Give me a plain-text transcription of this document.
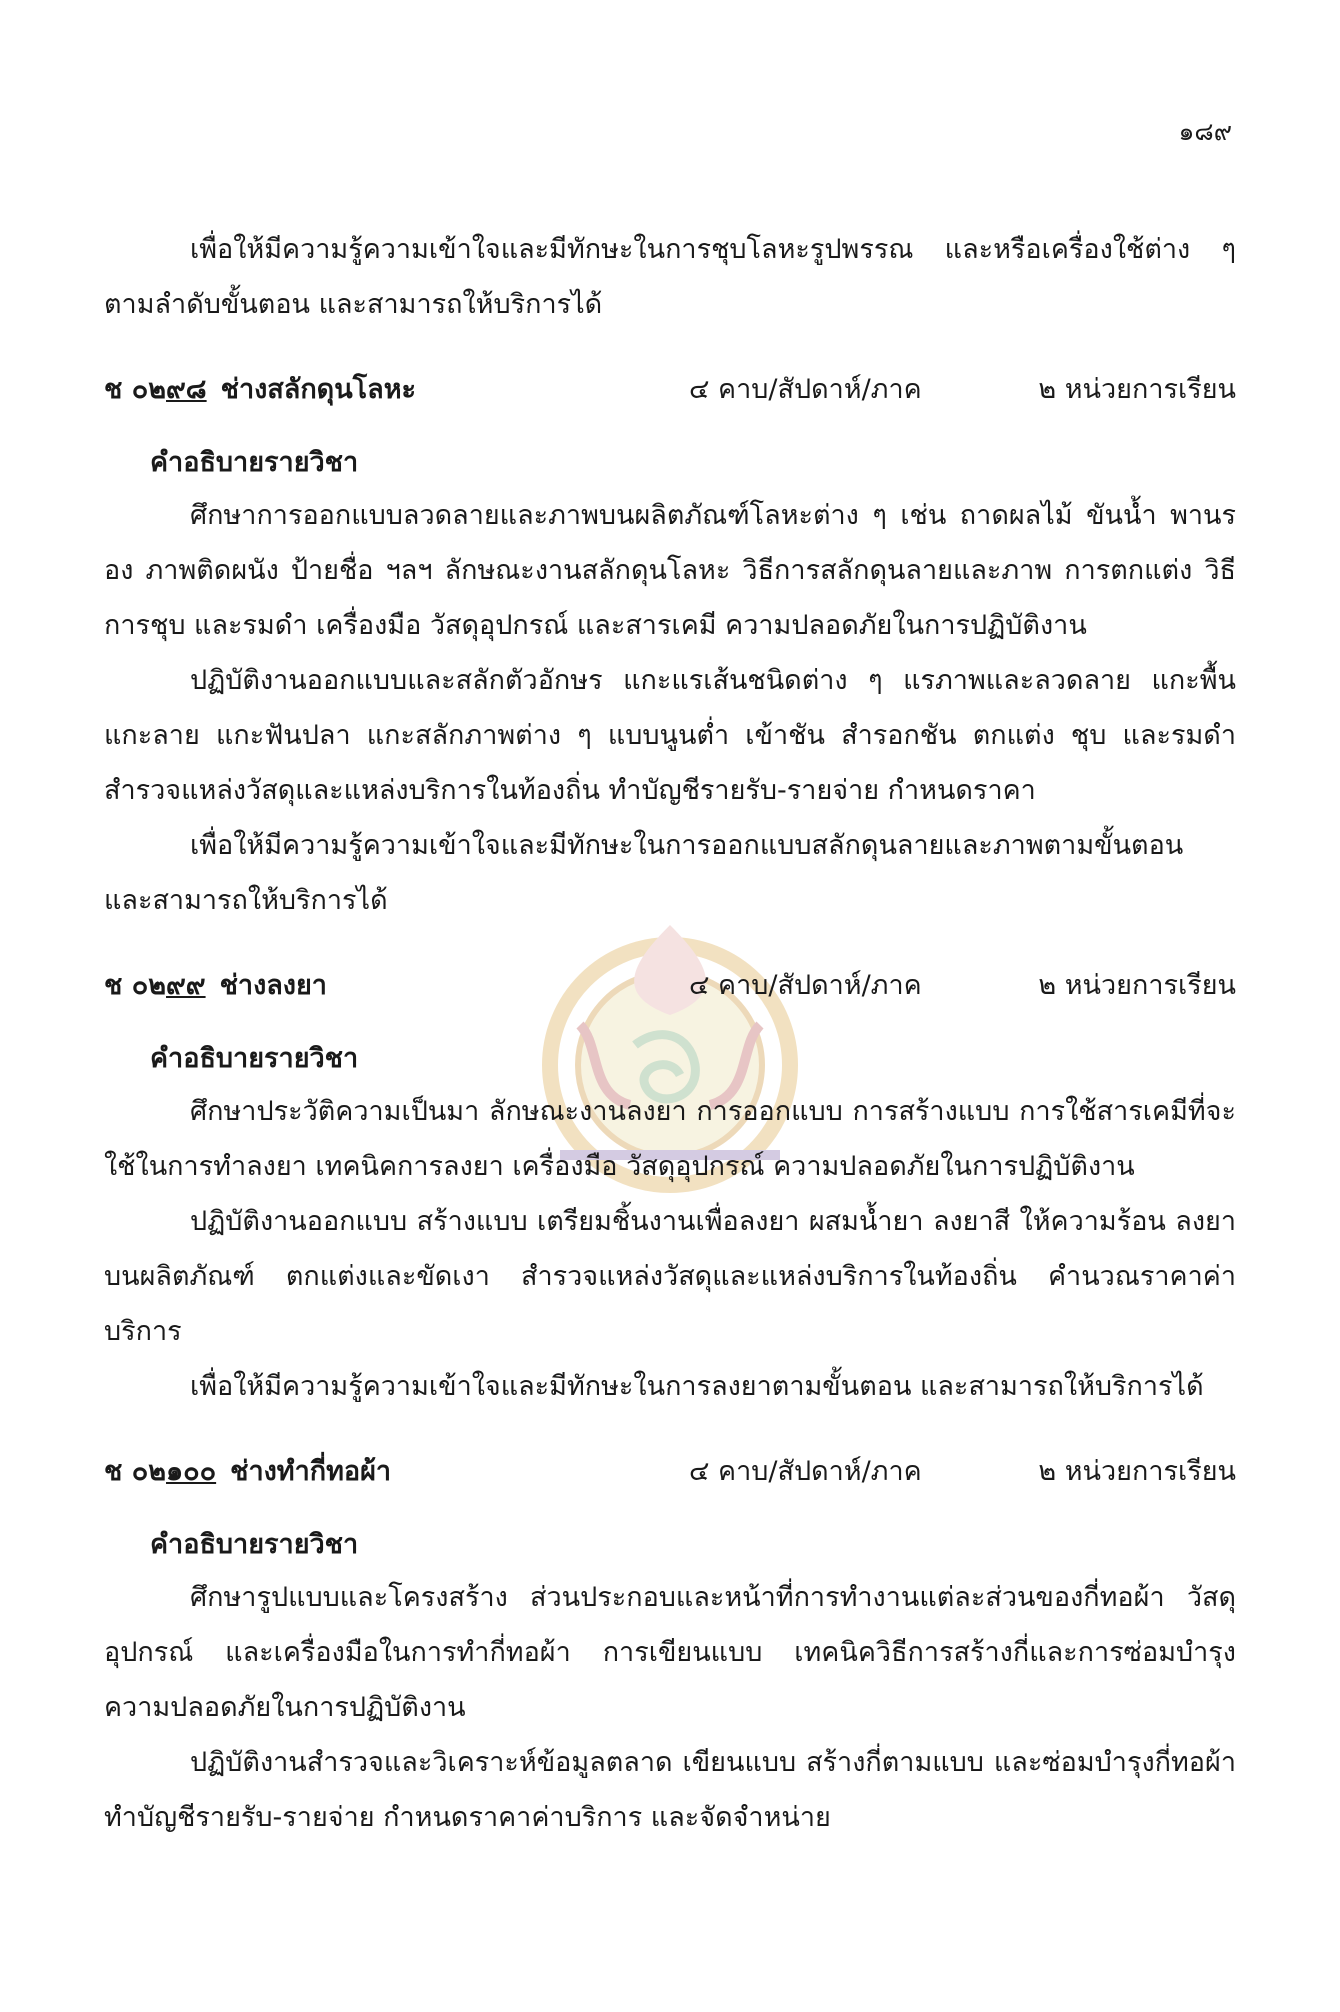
๑๘๙

เพื่อให้มีความรู้ความเข้าใจและมีทักษะในการชุบโลหะรูปพรรณ และหรือเครื่องใช้ต่าง ๆ ตามลำดับขั้นตอน และสามารถให้บริการได้

ช ๐๒๙๘ ช่างสลักดุนโลหะ	๔ คาบ/สัปดาห์/ภาค	๒ หน่วยการเรียน
คำอธิบายรายวิชา

ศึกษาการออกแบบลวดลายและภาพบนผลิตภัณฑ์โลหะต่าง ๆ เช่น ถาดผลไม้ ขันน้ำ พานรอง ภาพติดผนัง ป้ายชื่อ ฯลฯ ลักษณะงานสลักดุนโลหะ วิธีการสลักดุนลายและภาพ การตกแต่ง วิธีการชุบ และรมดำ เครื่องมือ วัสดุอุปกรณ์ และสารเคมี ความปลอดภัยในการปฏิบัติงาน

ปฏิบัติงานออกแบบและสลักตัวอักษร แกะแรเส้นชนิดต่าง ๆ แรภาพและลวดลาย แกะพื้น แกะลาย แกะฟันปลา แกะสลักภาพต่าง ๆ แบบนูนต่ำ เข้าชัน สำรอกชัน ตกแต่ง ชุบ และรมดำ สำรวจแหล่งวัสดุและแหล่งบริการในท้องถิ่น ทำบัญชีรายรับ-รายจ่าย กำหนดราคา

เพื่อให้มีความรู้ความเข้าใจและมีทักษะในการออกแบบสลักดุนลายและภาพตามขั้นตอน และสามารถให้บริการได้

ช ๐๒๙๙ ช่างลงยา	๔ คาบ/สัปดาห์/ภาค	๒ หน่วยการเรียน
คำอธิบายรายวิชา

ศึกษาประวัติความเป็นมา ลักษณะงานลงยา การออกแบบ การสร้างแบบ การใช้สารเคมีที่จะใช้ในการทำลงยา เทคนิคการลงยา เครื่องมือ วัสดุอุปกรณ์ ความปลอดภัยในการปฏิบัติงาน

ปฏิบัติงานออกแบบ สร้างแบบ เตรียมชิ้นงานเพื่อลงยา ผสมน้ำยา ลงยาสี ให้ความร้อน ลงยาบนผลิตภัณฑ์ ตกแต่งและขัดเงา สำรวจแหล่งวัสดุและแหล่งบริการในท้องถิ่น คำนวณราคาค่าบริการ

เพื่อให้มีความรู้ความเข้าใจและมีทักษะในการลงยาตามขั้นตอน และสามารถให้บริการได้

ช ๐๒๑๐๐ ช่างทำกี่ทอผ้า	๔ คาบ/สัปดาห์/ภาค	๒ หน่วยการเรียน
คำอธิบายรายวิชา

ศึกษารูปแบบและโครงสร้าง ส่วนประกอบและหน้าที่การทำงานแต่ละส่วนของกี่ทอผ้า วัสดุอุปกรณ์ และเครื่องมือในการทำกี่ทอผ้า การเขียนแบบ เทคนิควิธีการสร้างกี่และการซ่อมบำรุง ความปลอดภัยในการปฏิบัติงาน

ปฏิบัติงานสำรวจและวิเคราะห์ข้อมูลตลาด เขียนแบบ สร้างกี่ตามแบบ และซ่อมบำรุงกี่ทอผ้า ทำบัญชีรายรับ-รายจ่าย กำหนดราคาค่าบริการ และจัดจำหน่าย
